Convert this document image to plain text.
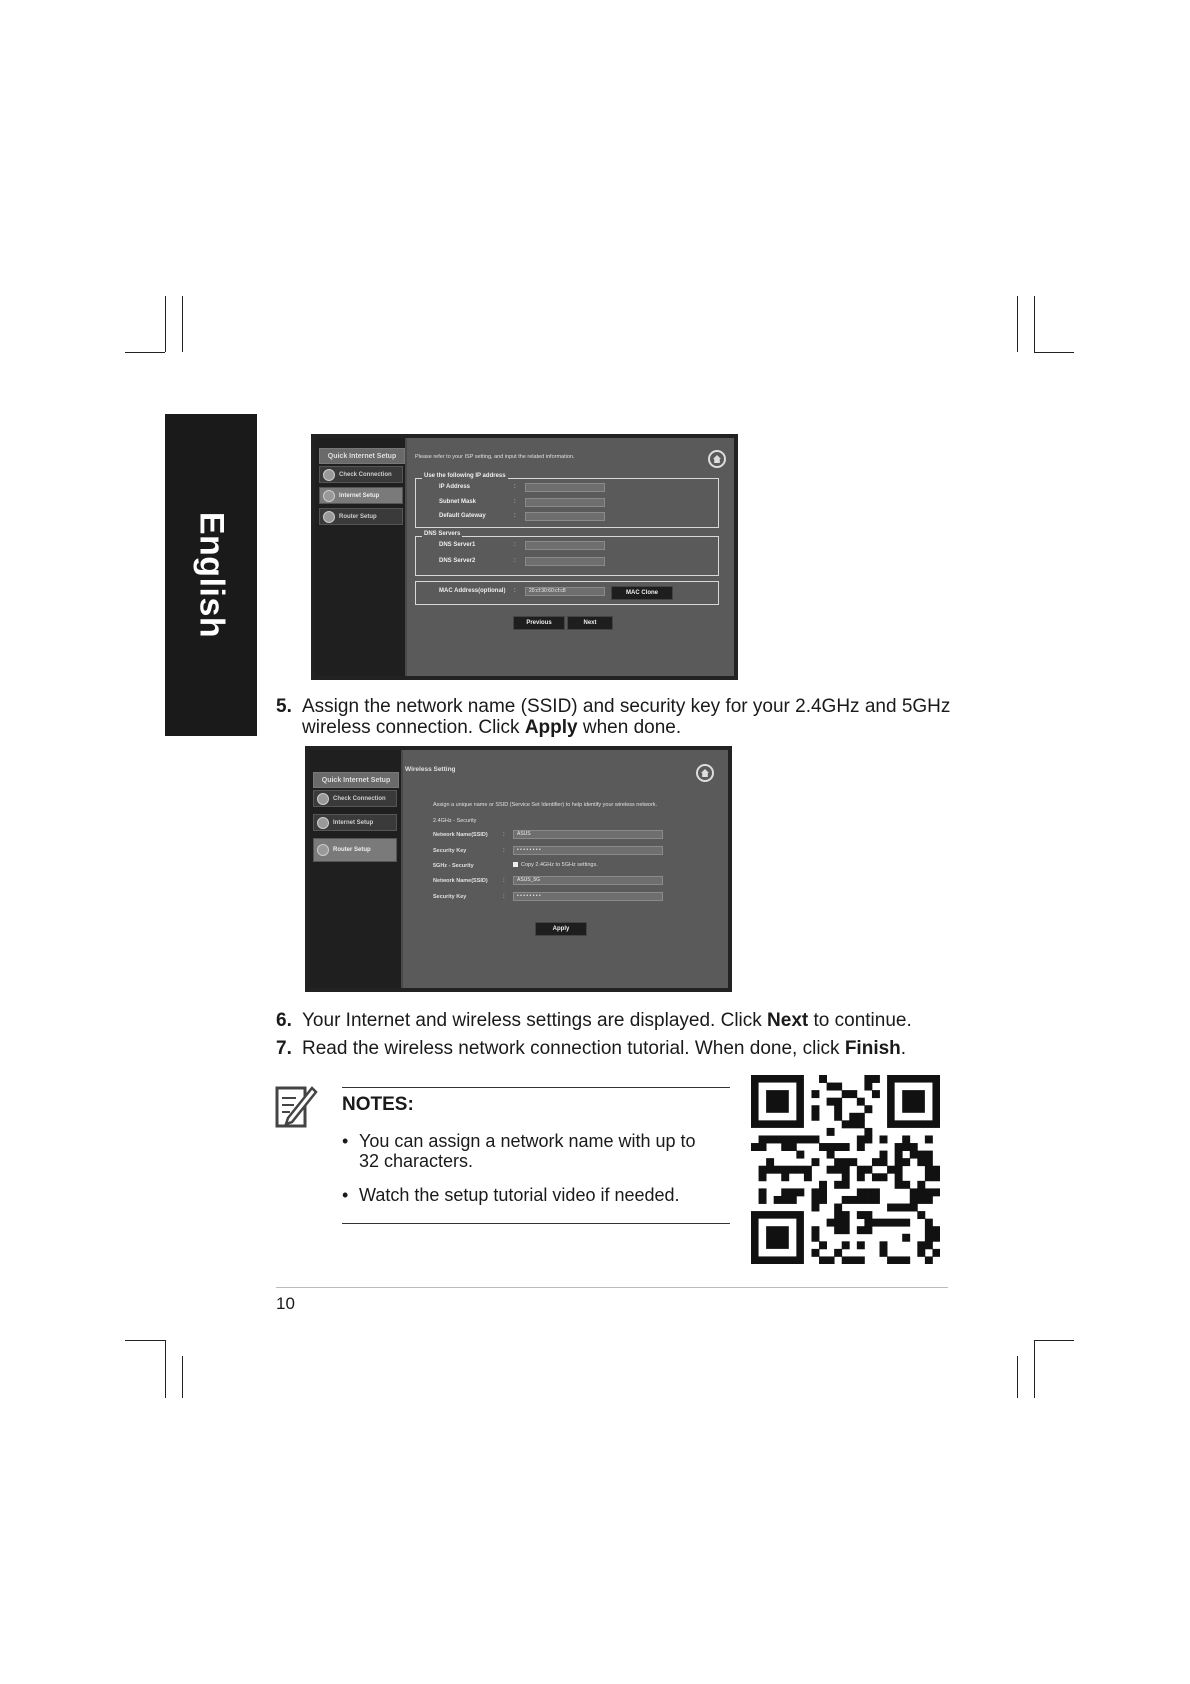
English
Quick Internet Setup
Check Connection
Internet Setup
Router Setup
Please refer to your ISP setting, and input the related information.
Use the following IP address
IP Address	:
Subnet Mask	:
Default Gateway	:
DNS Servers
DNS Server1	:
DNS Server2	:
MAC Address(optional) :	20:cf:30:60:cf:c8	MAC Clone
Previous	Next
5. Assign the network name (SSID) and security key for your 2.4GHz and 5GHz wireless connection. Click Apply when done.
Wireless Setting
Quick Internet Setup
Check Connection
Internet Setup
Router Setup
Assign a unique name or SSID (Service Set Identifier) to help identify your wireless network.
2.4GHz - Security
Network Name(SSID)	:	ASUS
Security Key	:	• • • • • • • •
5GHz - Security	Copy 2.4GHz to 5GHz settings.
Network Name(SSID)	:	ASUS_5G
Security Key	:	• • • • • • • •
Apply
6. Your Internet and wireless settings are displayed. Click Next to continue.
7. Read the wireless network connection tutorial. When done, click Finish.
NOTES:
• You can assign a network name with up to 32 characters.
• Watch the setup tutorial video if needed.
10
